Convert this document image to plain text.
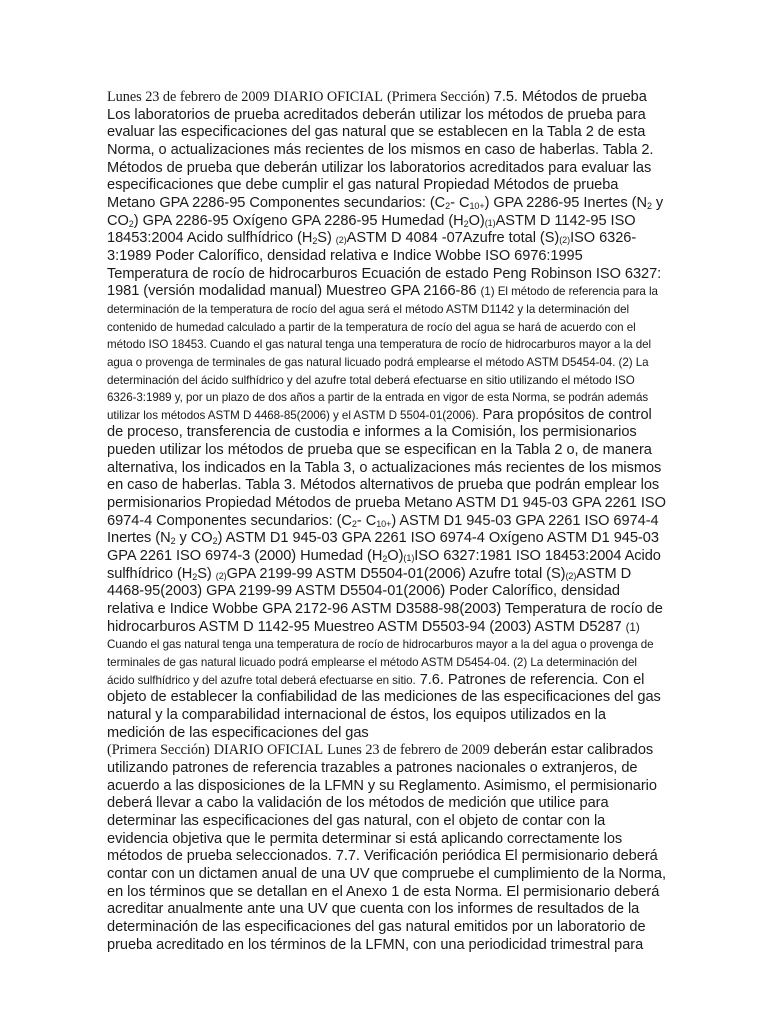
Lunes 23 de febrero de 2009 DIARIO OFICIAL (Primera Sección) 7.5. Métodos de prueba Los laboratorios de prueba acreditados deberán utilizar los métodos de prueba para evaluar las especificaciones del gas natural que se establecen en la Tabla 2 de esta Norma, o actualizaciones más recientes de los mismos en caso de haberlas. Tabla 2. Métodos de prueba que deberán utilizar los laboratorios acreditados para evaluar las especificaciones que debe cumplir el gas natural Propiedad Métodos de prueba Metano GPA 2286-95 Componentes secundarios: (C2- C10+) GPA 2286-95 Inertes (N2 y CO2) GPA 2286-95 Oxígeno GPA 2286-95 Humedad (H2O)(1)ASTM D 1142-95 ISO 18453:2004 Acido sulfhídrico (H2S) (2)ASTM D 4084 -07Azufre total (S)(2)ISO 6326-3:1989 Poder Calorífico, densidad relativa e Indice Wobbe ISO 6976:1995 Temperatura de rocío de hidrocarburos Ecuación de estado Peng Robinson ISO 6327: 1981 (versión modalidad manual) Muestreo GPA 2166-86 (1) El método de referencia para la determinación de la temperatura de rocío del agua será el método ASTM D1142 y la determinación del contenido de humedad calculado a partir de la temperatura de rocío del agua se hará de acuerdo con el método ISO 18453. Cuando el gas natural tenga una temperatura de rocío de hidrocarburos mayor a la del agua o provenga de terminales de gas natural licuado podrá emplearse el método ASTM D5454-04. (2) La determinación del ácido sulfhídrico y del azufre total deberá efectuarse en sitio utilizando el método ISO 6326-3:1989 y, por un plazo de dos años a partir de la entrada en vigor de esta Norma, se podrán además utilizar los métodos ASTM D 4468-85(2006) y el ASTM D 5504-01(2006). Para propósitos de control de proceso, transferencia de custodia e informes a la Comisión, los permisionarios pueden utilizar los métodos de prueba que se especifican en la Tabla 2 o, de manera alternativa, los indicados en la Tabla 3, o actualizaciones más recientes de los mismos en caso de haberlas. Tabla 3. Métodos alternativos de prueba que podrán emplear los permisionarios Propiedad Métodos de prueba Metano ASTM D1 945-03 GPA 2261 ISO 6974-4 Componentes secundarios: (C2- C10+) ASTM D1 945-03 GPA 2261 ISO 6974-4 Inertes (N2 y CO2) ASTM D1 945-03 GPA 2261 ISO 6974-4 Oxígeno ASTM D1 945-03 GPA 2261 ISO 6974-3 (2000) Humedad (H2O)(1)ISO 6327:1981 ISO 18453:2004 Acido sulfhídrico (H2S) (2)GPA 2199-99 ASTM D5504-01(2006) Azufre total (S)(2)ASTM D 4468-95(2003) GPA 2199-99 ASTM D5504-01(2006) Poder Calorífico, densidad relativa e Indice Wobbe GPA 2172-96 ASTM D3588-98(2003) Temperatura de rocío de hidrocarburos ASTM D 1142-95 Muestreo ASTM D5503-94 (2003) ASTM D5287 (1) Cuando el gas natural tenga una temperatura de rocío de hidrocarburos mayor a la del agua o provenga de terminales de gas natural licuado podrá emplearse el método ASTM D5454-04. (2) La determinación del ácido sulfhídrico y del azufre total deberá efectuarse en sitio. 7.6. Patrones de referencia. Con el objeto de establecer la confiabilidad de las mediciones de las especificaciones del gas natural y la comparabilidad internacional de éstos, los equipos utilizados en la medición de las especificaciones del gas
(Primera Sección) DIARIO OFICIAL Lunes 23 de febrero de 2009 deberán estar calibrados utilizando patrones de referencia trazables a patrones nacionales o extranjeros, de acuerdo a las disposiciones de la LFMN y su Reglamento. Asimismo, el permisionario deberá llevar a cabo la validación de los métodos de medición que utilice para determinar las especificaciones del gas natural, con el objeto de contar con la evidencia objetiva que le permita determinar si está aplicando correctamente los métodos de prueba seleccionados. 7.7. Verificación periódica El permisionario deberá contar con un dictamen anual de una UV que compruebe el cumplimiento de la Norma, en los términos que se detallan en el Anexo 1 de esta Norma. El permisionario deberá acreditar anualmente ante una UV que cuenta con los informes de resultados de la determinación de las especificaciones del gas natural emitidos por un laboratorio de prueba acreditado en los términos de la LFMN, con una periodicidad trimestral para
